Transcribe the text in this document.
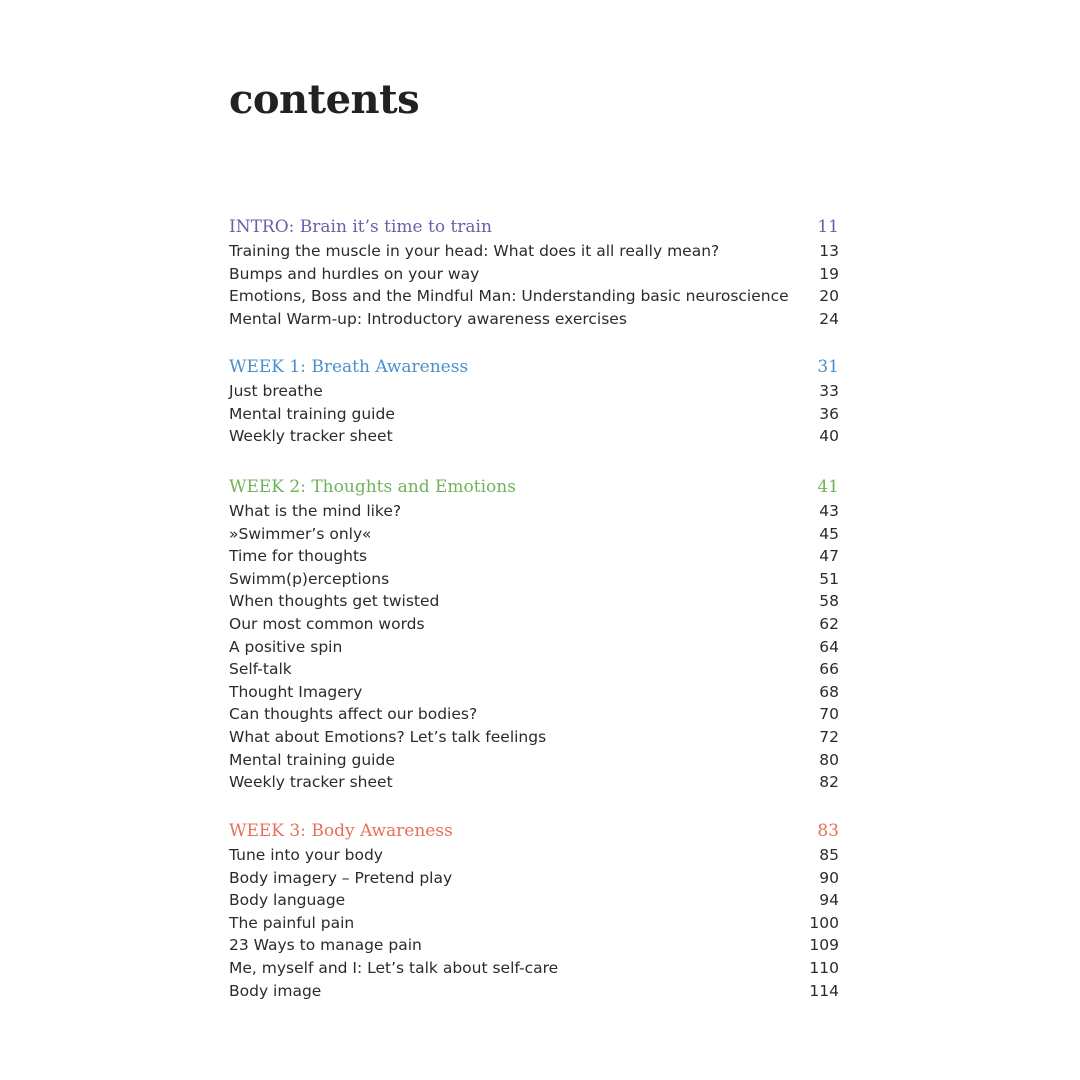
contents
INTRO: Brain it’s time to train	11
Training the muscle in your head: What does it all really mean?	13
Bumps and hurdles on your way	19
Emotions, Boss and the Mindful Man: Understanding basic neuroscience 20
Mental Warm-up: Introductory awareness exercises	24
WEEK 1: Breath Awareness	31
Just breathe	33
Mental training guide	36
Weekly tracker sheet	40
WEEK 2: Thoughts and Emotions	41
What is the mind like?	43
»Swimmer’s only«	45
Time for thoughts	47
Swimm(p)erceptions	51
When thoughts get twisted	58
Our most common words	62
A positive spin	64
Self-talk	66
Thought Imagery	68
Can thoughts affect our bodies?	70
What about Emotions? Let’s talk feelings	72
Mental training guide	80
Weekly tracker sheet	82
WEEK 3: Body Awareness	83
Tune into your body	85
Body imagery – Pretend play	90
Body language	94
The painful pain	100
23 Ways to manage pain	109
Me, myself and I: Let’s talk about self-care	110
Body image	114
